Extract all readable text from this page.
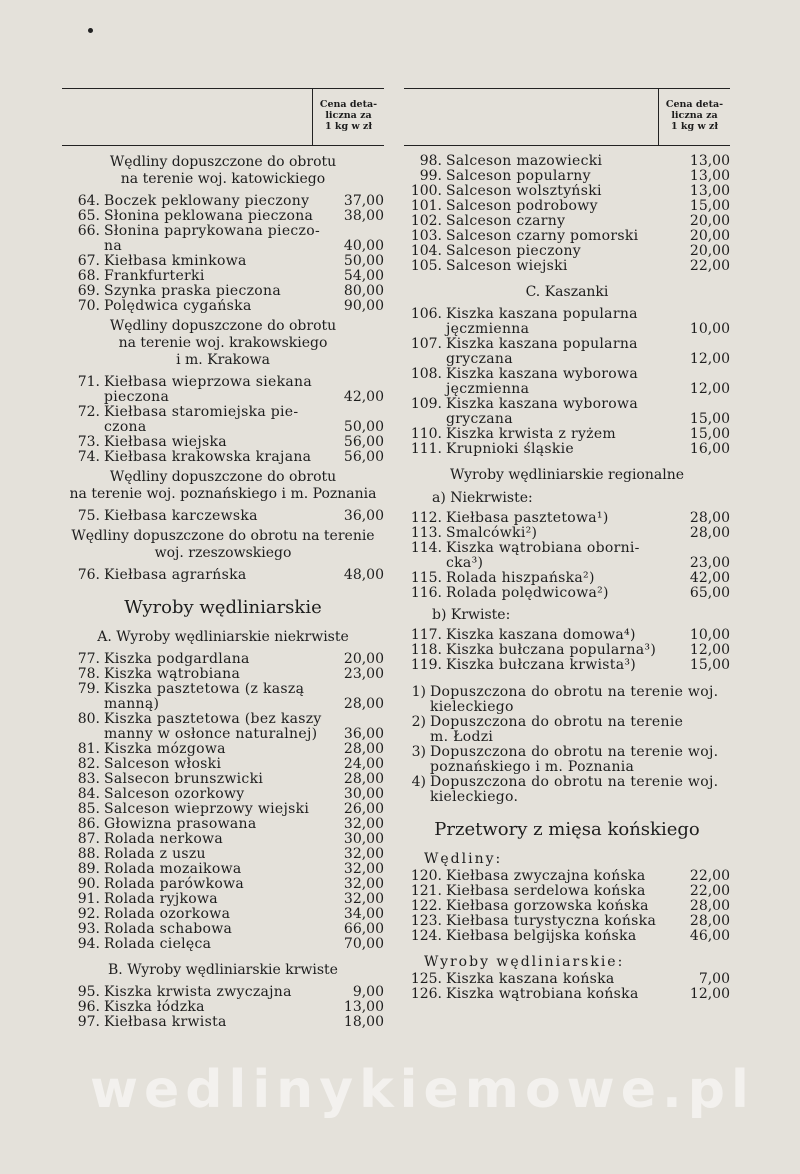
Cena deta-
liczna za
1 kg w zł
Wędliny dopuszczone do obrotu
na terenie woj. katowickiego
64. Boczek peklowany pieczony	37,00
65. Słonina peklowana pieczona	38,00
66. Słonina paprykowana pieczo-
na	40,00
67. Kiełbasa kminkowa	50,00
68. Frankfurterki	54,00
69. Szynka praska pieczona	80,00
70. Polędwica cygańska	90,00
Wędliny dopuszczone do obrotu
na terenie woj. krakowskiego
i m. Krakowa
71. Kiełbasa wieprzowa siekana
pieczona	42,00
72. Kiełbasa staromiejska pie-
czona	50,00
73. Kiełbasa wiejska	56,00
74. Kiełbasa krakowska krajana	56,00
Wędliny dopuszczone do obrotu
na terenie woj. poznańskiego i m. Poznania
75. Kiełbasa karczewska	36,00
Wędliny dopuszczone do obrotu na terenie
woj. rzeszowskiego
76. Kiełbasa agrarńska	48,00
Wyroby wędliniarskie
A. Wyroby wędliniarskie niekrwiste
77. Kiszka podgardlana	20,00
78. Kiszka wątrobiana	23,00
79. Kiszka pasztetowa (z kaszą
manną)	28,00
80. Kiszka pasztetowa (bez kaszy
manny w osłonce naturalnej)	36,00
81. Kiszka mózgowa	28,00
82. Salceson włoski	24,00
83. Salsecon brunszwicki	28,00
84. Salceson ozorkowy	30,00
85. Salceson wieprzowy wiejski	26,00
86. Głowizna prasowana	32,00
87. Rolada nerkowa	30,00
88. Rolada z uszu	32,00
89. Rolada mozaikowa	32,00
90. Rolada parówkowa	32,00
91. Rolada ryjkowa	32,00
92. Rolada ozorkowa	34,00
93. Rolada schabowa	66,00
94. Rolada cielęca	70,00
B. Wyroby wędliniarskie krwiste
95. Kiszka krwista zwyczajna	9,00
96. Kiszka łódzka	13,00
97. Kiełbasa krwista	18,00
Cena deta-
liczna za
1 kg w zł
98. Salceson mazowiecki	13,00
99. Salceson popularny	13,00
100. Salceson wolsztyński	13,00
101. Salceson podrobowy	15,00
102. Salceson czarny	20,00
103. Salceson czarny pomorski	20,00
104. Salceson pieczony	20,00
105. Salceson wiejski	22,00
C. Kaszanki
106. Kiszka kaszana popularna
jęczmienna	10,00
107. Kiszka kaszana popularna
gryczana	12,00
108. Kiszka kaszana wyborowa
jęczmienna	12,00
109. Kiszka kaszana wyborowa
gryczana	15,00
110. Kiszka krwista z ryżem	15,00
111. Krupnioki śląskie	16,00
Wyroby wędliniarskie regionalne
a) Niekrwiste:
112. Kiełbasa pasztetowa¹)	28,00
113. Smalcówki²)	28,00
114. Kiszka wątrobiana oborni-
cka³)	23,00
115. Rolada hiszpańska²)	42,00
116. Rolada polędwicowa²)	65,00
b) Krwiste:
117. Kiszka kaszana domowa⁴)	10,00
118. Kiszka bułczana popularna³)	12,00
119. Kiszka bułczana krwista³)	15,00
1) Dopuszczona do obrotu na terenie woj.
kieleckiego
2) Dopuszczona do obrotu na terenie
m. Łodzi
3) Dopuszczona do obrotu na terenie woj.
poznańskiego i m. Poznania
4) Dopuszczona do obrotu na terenie woj.
kieleckiego.
Przetwory z mięsa końskiego
Wędliny:
120. Kiełbasa zwyczajna końska	22,00
121. Kiełbasa serdelowa końska	22,00
122. Kiełbasa gorzowska końska	28,00
123. Kiełbasa turystyczna końska	28,00
124. Kiełbasa belgijska końska	46,00
Wyroby wędliniarskie:
125. Kiszka kaszana końska	7,00
126. Kiszka wątrobiana końska	12,00
wedlinykiemowe.pl
